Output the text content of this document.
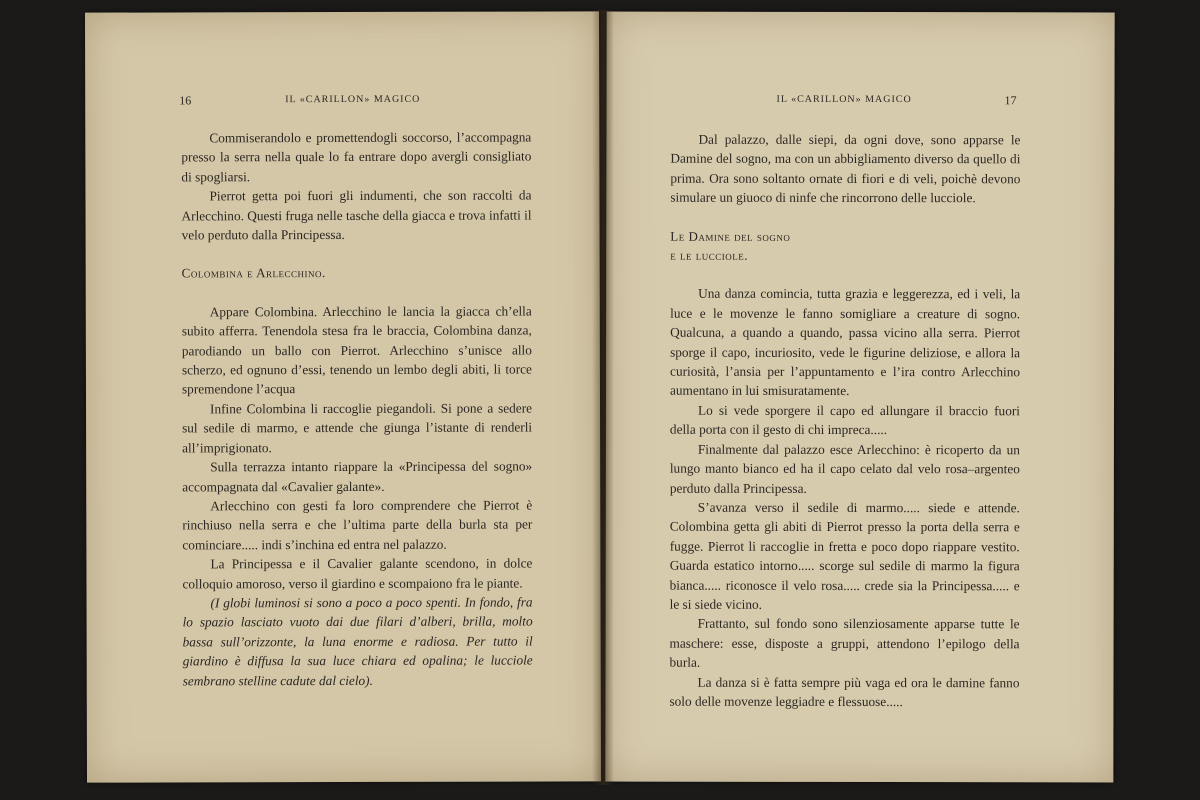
16	IL «CARILLON» MAGICO

Commiserandolo e promettendogli soccorso, l’accompagna presso la serra nella quale lo fa entrare dopo avergli consigliato di spogliarsi.

Pierrot getta poi fuori gli indumenti, che son raccolti da Arlecchino. Questi fruga nelle tasche della giacca e trova infatti il velo perduto dalla Principessa.

Colombina e Arlecchino.

Appare Colombina. Arlecchino le lancia la giacca ch’ella subito afferra. Tenendola stesa fra le braccia, Colombina danza, parodiando un ballo con Pierrot. Arlecchino s’unisce allo scherzo, ed ognuno d’essi, tenendo un lembo degli abiti, li torce spremendone l’acqua

Infine Colombina li raccoglie piegandoli. Si pone a sedere sul sedile di marmo, e attende che giunga l’istante di renderli all’imprigionato.

Sulla terrazza intanto riappare la «Principessa del sogno» accompagnata dal «Cavalier galante».

Arlecchino con gesti fa loro comprendere che Pierrot è rinchiuso nella serra e che l’ultima parte della burla sta per cominciare..... indi s’inchina ed entra nel palazzo.

La Principessa e il Cavalier galante scendono, in dolce colloquio amoroso, verso il giardino e scompaiono fra le piante.

(I globi luminosi si sono a poco a poco spenti. In fondo, fra lo spazio lasciato vuoto dai due filari d’alberi, brilla, molto bassa sull’orizzonte, la luna enorme e radiosa. Per tutto il giardino è diffusa la sua luce chiara ed opalina; le lucciole sembrano stelline cadute dal cielo).

IL «CARILLON» MAGICO	17

Dal palazzo, dalle siepi, da ogni dove, sono apparse le Damine del sogno, ma con un abbigliamento diverso da quello di prima. Ora sono soltanto ornate di fiori e di veli, poichè devono simulare un giuoco di ninfe che rincorrono delle lucciole.

Le Damine del sogno
e le lucciole.

Una danza comincia, tutta grazia e leggerezza, ed i veli, la luce e le movenze le fanno somigliare a creature di sogno. Qualcuna, a quando a quando, passa vicino alla serra. Pierrot sporge il capo, incuriosito, vede le figurine deliziose, e allora la curiosità, l’ansia per l’appuntamento e l’ira contro Arlecchino aumentano in lui smisuratamente.

Lo si vede sporgere il capo ed allungare il braccio fuori della porta con il gesto di chi impreca.....

Finalmente dal palazzo esce Arlecchino: è ricoperto da un lungo manto bianco ed ha il capo celato dal velo rosa–argenteo perduto dalla Principessa.

S’avanza verso il sedile di marmo..... siede e attende. Colombina getta gli abiti di Pierrot presso la porta della serra e fugge. Pierrot li raccoglie in fretta e poco dopo riappare vestito. Guarda estatico intorno..... scorge sul sedile di marmo la figura bianca..... riconosce il velo rosa..... crede sia la Principessa..... e le si siede vicino.

Frattanto, sul fondo sono silenziosamente apparse tutte le maschere: esse, disposte a gruppi, attendono l’epilogo della burla.

La danza si è fatta sempre più vaga ed ora le damine fanno solo delle movenze leggiadre e flessuose.....
